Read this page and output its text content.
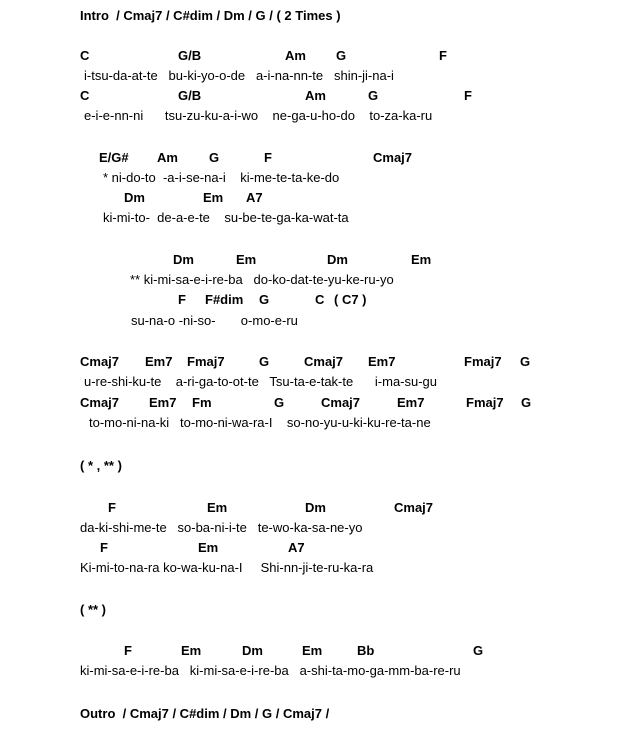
Intro  / Cmaj7 / C#dim / Dm / G / ( 2 Times )
C	G/B	Am G	F
i-tsu-da-at-te   bu-ki-yo-o-de   a-i-na-nn-te   shin-ji-na-i
C	G/B	Am	G	F
e-i-e-nn-ni      tsu-zu-ku-a-i-wo    ne-ga-u-ho-do    to-za-ka-ru
E/G# Am G	F	Cmaj7
* ni-do-to  -a-i-se-na-i    ki-me-te-ta-ke-do
Dm	Em A7
ki-mi-to-  de-a-e-te    su-be-te-ga-ka-wat-ta
Dm	Em	Dm	Em
** ki-mi-sa-e-i-re-ba   do-ko-dat-te-yu-ke-ru-yo
F F#dim G	C ( C7 )
su-na-o -ni-so-       o-mo-e-ru
Cmaj7 Em7 Fmaj7	G	Cmaj7 Em7	Fmaj7 G
u-re-shi-ku-te    a-ri-ga-to-ot-te   Tsu-ta-e-tak-te      i-ma-su-gu
Cmaj7 Em7 Fm	G	Cmaj7	Em7	Fmaj7 G
to-mo-ni-na-ki   to-mo-ni-wa-ra-I    so-no-yu-u-ki-ku-re-ta-ne
( * , ** )
F	Em	Dm	Cmaj7
da-ki-shi-me-te   so-ba-ni-i-te   te-wo-ka-sa-ne-yo
F	Em	A7
Ki-mi-to-na-ra ko-wa-ku-na-I     Shi-nn-ji-te-ru-ka-ra
( ** )
F	Em	Dm	Em	Bb	G
ki-mi-sa-e-i-re-ba   ki-mi-sa-e-i-re-ba   a-shi-ta-mo-ga-mm-ba-re-ru
Outro  / Cmaj7 / C#dim / Dm / G / Cmaj7 /
